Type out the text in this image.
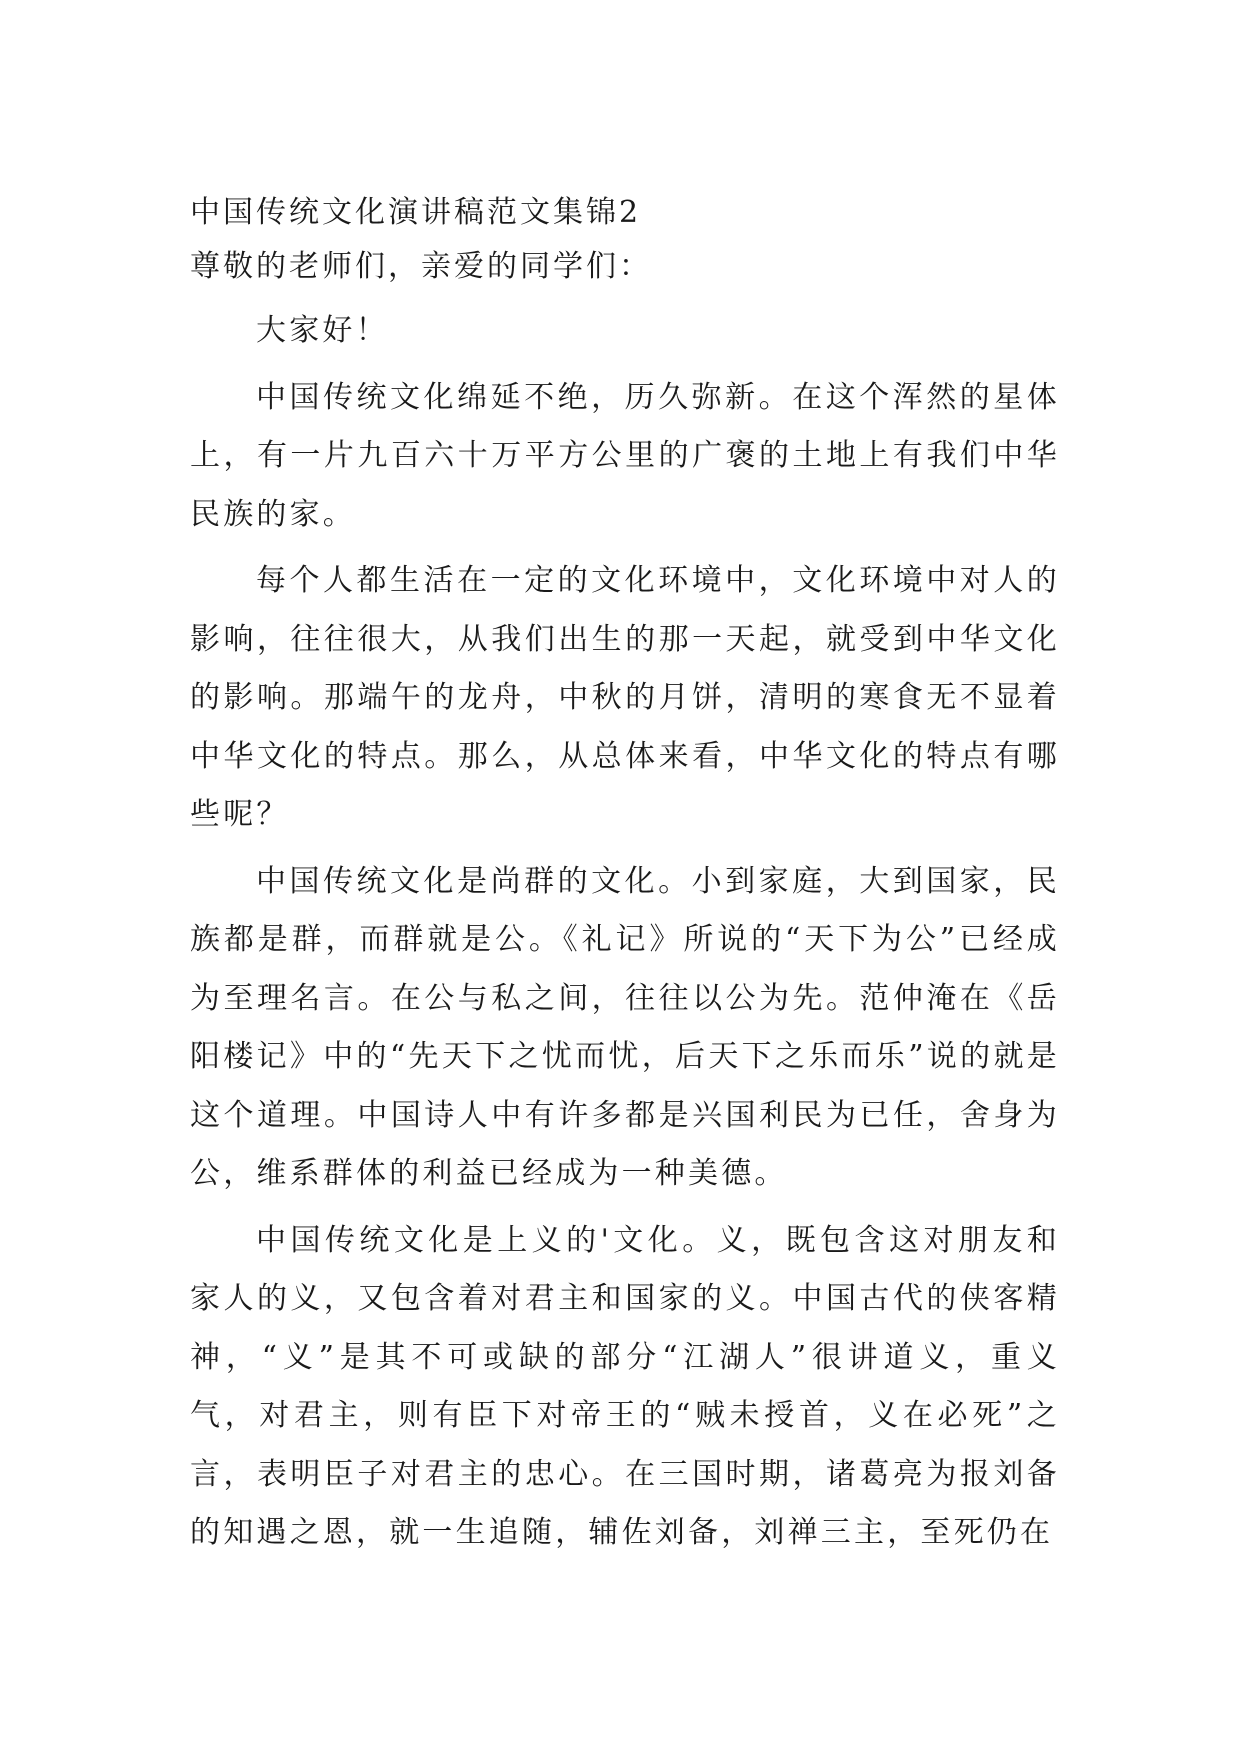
中国传统文化演讲稿范文集锦2
尊敬的老师们，亲爱的同学们：

大家好！

中国传统文化绵延不绝，历久弥新。在这个浑然的星体上，有一片九百六十万平方公里的广褒的土地上有我们中华民族的家。

每个人都生活在一定的文化环境中，文化环境中对人的影响，往往很大，从我们出生的那一天起，就受到中华文化的影响。那端午的龙舟，中秋的月饼，清明的寒食无不显着中华文化的特点。那么，从总体来看，中华文化的特点有哪些呢？

中国传统文化是尚群的文化。小到家庭，大到国家，民族都是群，而群就是公。《礼记》所说的“天下为公”已经成为至理名言。在公与私之间，往往以公为先。范仲淹在《岳阳楼记》中的“先天下之忧而忧，后天下之乐而乐”说的就是这个道理。中国诗人中有许多都是兴国利民为已任，舍身为公，维系群体的利益已经成为一种美德。

中国传统文化是上义的'文化。义，既包含这对朋友和家人的义，又包含着对君主和国家的义。中国古代的侠客精神，“义”是其不可或缺的部分“江湖人”很讲道义，重义气，对君主，则有臣下对帝王的“贼未授首，义在必死”之言，表明臣子对君主的忠心。在三国时期，诸葛亮为报刘备的知遇之恩，就一生追随，辅佐刘备，刘禅三主，至死仍在
